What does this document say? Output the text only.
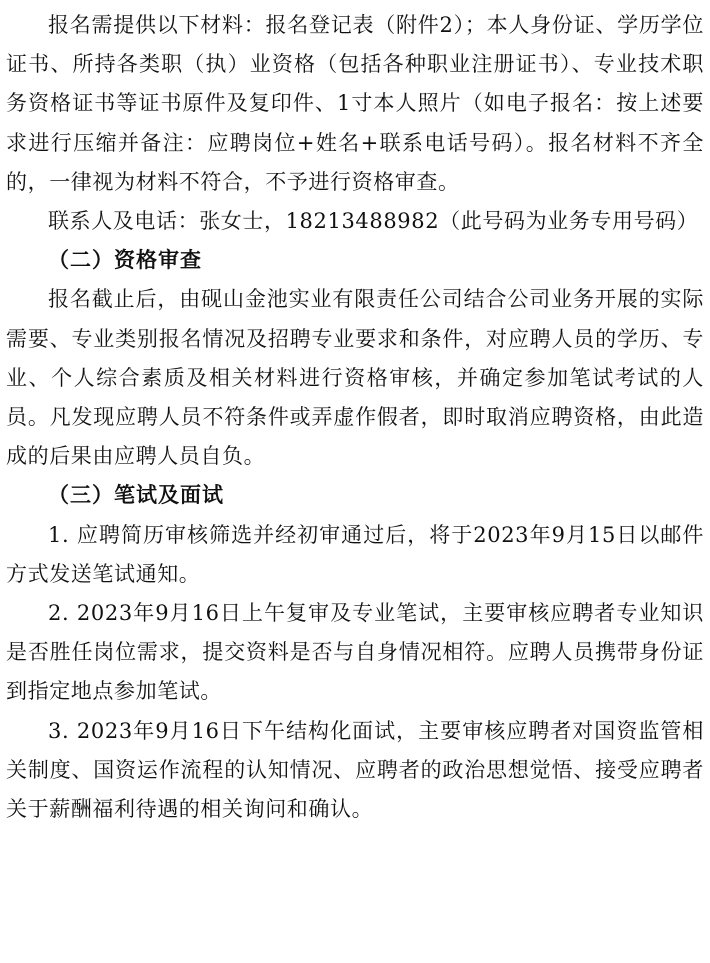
报名需提供以下材料：报名登记表（附件2）；本人身份证、学历学位证书、所持各类职（执）业资格（包括各种职业注册证书）、专业技术职务资格证书等证书原件及复印件、1寸本人照片（如电子报名：按上述要求进行压缩并备注：应聘岗位+姓名+联系电话号码）。报名材料不齐全的，一律视为材料不符合，不予进行资格审查。

联系人及电话：张女士，18213488982（此号码为业务专用号码）

（二）资格审查

报名截止后，由砚山金池实业有限责任公司结合公司业务开展的实际需要、专业类别报名情况及招聘专业要求和条件，对应聘人员的学历、专业、个人综合素质及相关材料进行资格审核，并确定参加笔试考试的人员。凡发现应聘人员不符条件或弄虚作假者，即时取消应聘资格，由此造成的后果由应聘人员自负。

（三）笔试及面试

1. 应聘简历审核筛选并经初审通过后，将于2023年9月15日以邮件方式发送笔试通知。

2. 2023年9月16日上午复审及专业笔试，主要审核应聘者专业知识是否胜任岗位需求，提交资料是否与自身情况相符。应聘人员携带身份证到指定地点参加笔试。

3. 2023年9月16日下午结构化面试，主要审核应聘者对国资监管相关制度、国资运作流程的认知情况、应聘者的政治思想觉悟、接受应聘者关于薪酬福利待遇的相关询问和确认。
